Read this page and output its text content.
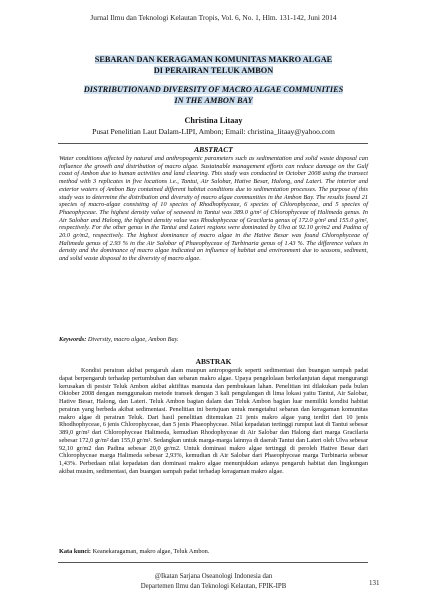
Jurnal Ilmu dan Teknologi Kelautan Tropis, Vol. 6, No. 1, Hlm. 131-142, Juni 2014
SEBARAN DAN KERAGAMAN KOMUNITAS MAKRO ALGAE
DI PERAIRAN TELUK AMBON
DISTRIBUTIONAND DIVERSITY OF MACRO ALGAE COMMUNITIES
IN THE AMBON BAY
Christina Litaay
Pusat Penelitian Laut Dalam-LIPI, Ambon; Email: christina_litaay@yahoo.com
ABSTRACT
Water conditions affected by natural and anthropogenic parameters such as sedimentation and solid waste disposal can influence the growth and distribution of macro algae. Sustainable management efforts can reduce damage on the Gulf coast of Ambon due to human activities and land clearing. This study was conducted in October 2008 using the transect method with 3 replicates in five locations i.e., Tantui, Air Salobar, Hative Besar, Halong, and Lateri. The interior and exterior waters of Ambon Bay contained different habitat conditions due to sedimentation processes. The purpose of this study was to determine the distribution and diversity of macro algae communities in the Ambon Bay. The results found 21 species of macro-algae consisting of 10 species of Rhodhophyceae, 6 species of Chlorophyceae, and 5 species of Phaeophyceae. The highest density value of seaweed in Tantui was 389.0 g/m² of Chlorophyceae of Halimeda genus. In Air Salobar and Halong, the highest density value was Rhodophyceae of Gracilaria genus of 172.0 g/m² and 155.0 g/m², respectively. For the other genus in the Tantui and Lateri regions were dominated by Ulva at 92.10 gr/m2 and Padina of 20.0 gr/m2, respectively. The highest dominance of macro algae in the Hative Besar was found Chlorophyceae of Halimeda genus of 2.93 % in the Air Salobar of Phaeophyceae of Turbinaria genus of 1.43 %. The difference values in density and the dominance of macro algae indicated an influence of habitat and environment due to seasons, sediment, and solid waste disposal to the diversity of macro algae.
Keywords: Diversity, macro algae, Ambon Bay.
ABSTRAK
Kondisi perairan akibat pengaruh alam maupun antropogenik seperti sedimentasi dan buangan sampah padat dapat berpengaruh terhadap pertumbuhan dan sebaran makro algae. Upaya pengelolaan berkelanjutan dapat mengurangi kerusakan di pesisir Teluk Ambon akibat aktifitas manusia dan pembukaan lahan. Penelitian ini dilakukan pada bulan Oktober 2008 dengan menggunakan metode transek dengan 3 kali pengulangan di lima lokasi yaitu Tantui, Air Salobar, Hative Besar, Halong, dan Lateri. Teluk Ambon bagian dalam dan Teluk Ambon bagian luar memiliki kondisi habitat perairan yang berbeda akibat sedimentasi. Penelitian ini bertujuan untuk mengetahui sebaran dan keragaman komunitas makro algae di perairan Teluk. Dari hasil penelitian ditemukan 21 jenis makro algae yang terdiri dari 10 jenis Rhodhophyceae, 6 jenis Chlorophyceae, dan 5 jenis Phaeophyceae. Nilai kepadatan tertinggi rumput laut di Tantui sebesar 389,0 gr/m² dari Chlorophyceae Halimeda, kemudian Rhodophyceae di Air Salobar dan Halong dari marga Gracilaria sebesar 172,0 gr/m² dan 155,0 gr/m². Sedangkan untuk marga-marga lainnya di daerah Tantui dan Lateri oleh Ulva sebesar 92,10 gr/m2 dan Padina sebesar 20,0 gr/m2. Untuk dominasi makro algae tertinggi di peroleh Hative Besar dari Chlorophyceae marga Halimeda sebesar 2,93%, kemudian di Air Salobar dari Phaeophyceae marga Turbinaria sebesar 1,43%. Perbedaan nilai kepadatan dan dominasi makro algae menunjukkan adanya pengaruh habitat dan lingkungan akibat musim, sedimentasi, dan buangan sampah padat terhadap keragaman makro algae.
Kata kunci: Keanekaragaman, makro algae, Teluk Ambon.
@Ikatan Sarjana Oseanologi Indonesia dan
Departemen Ilmu dan Teknologi Kelautan, FPIK-IPB	131
